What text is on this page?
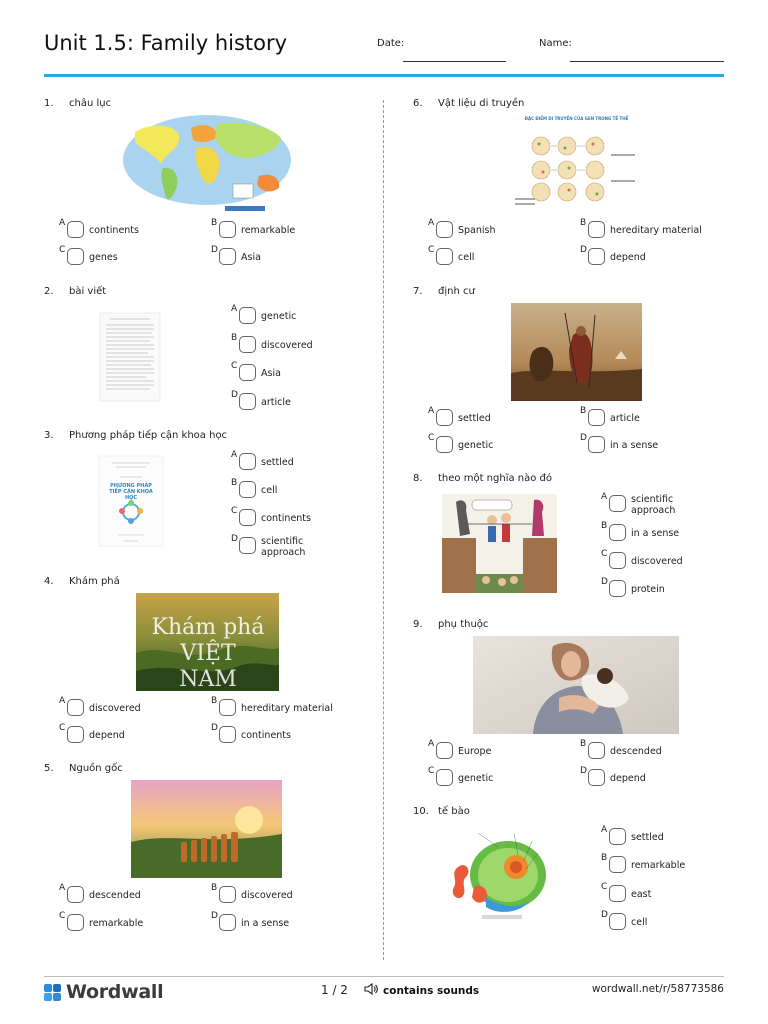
Unit 1.5: Family history	Date:	Name:
1. châu lục
A
continents
B
remarkable
C
genes
D
Asia
2. bài viết
A
genetic
B
discovered
C
Asia
D
article
3. Phương pháp tiếp cận khoa học
PHƯƠNG PHÁP TIẾP CẬN KHOA HỌC
A
settled
B
cell
C
continents
D scientific approach
4. Khám phá
Khám phá VIỆT NAM
A
discovered
B
hereditary material
C
depend
D
continents
5. Nguồn gốc
A
descended
B
discovered
C
remarkable
D
in a sense
6. Vật liệu di truyền
ĐẶC ĐIỂM DI TRUYỀN CỦA GEN TRONG TẾ THỂ
A
Spanish
B
hereditary material
C
cell
D
depend
7. định cư
A
settled
B
article
C
genetic
D
in a sense
8. theo một nghĩa nào đó
A	scientific approach
B
in a sense
C
discovered
D
protein
9. phụ thuộc
A
Europe
B
descended
C
genetic
D
depend
10. tế bào
A
settled
B
remarkable
C
east
D
cell
Wordwall	1 / 2	contains sounds	wordwall.net/r/58773586
